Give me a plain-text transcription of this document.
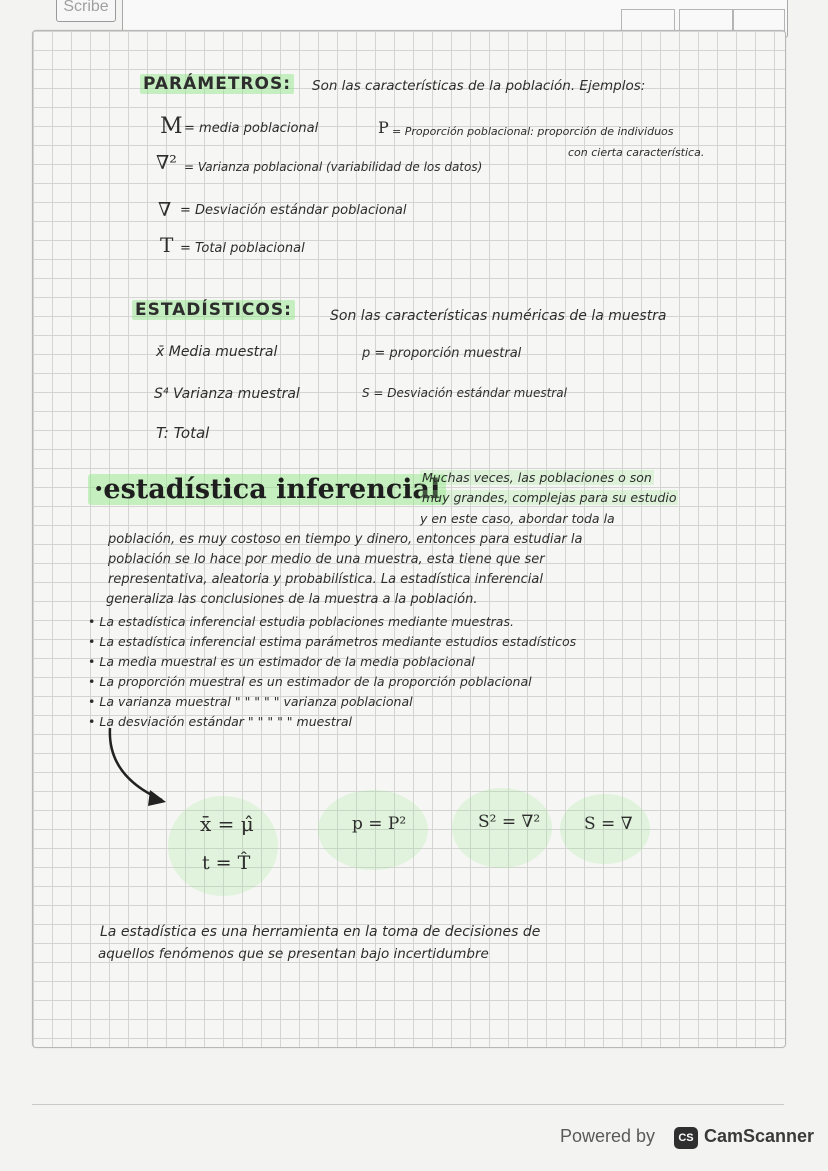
Scribe
PARÁMETROS: Son las características de la población. Ejemplos:
M = media poblacional	P = Proporción poblacional: proporción de individuos
con cierta característica.
∇² = Varianza poblacional (variabilidad de los datos)
∇ = Desviación estándar poblacional
T = Total poblacional
ESTADÍSTICOS:	Son las características numéricas de la muestra
x̄ Media muestral	p = proporción muestral
S⁴ Varianza muestral	S = Desviación estándar muestral
T: Total
·estadística inferencial
Muchas veces, las poblaciones o son
muy grandes, complejas para su estudio
y en este caso, abordar toda la
población, es muy costoso en tiempo y dinero, entonces para estudiar la
población se lo hace por medio de una muestra, esta tiene que ser
representativa, aleatoria y probabilística. La estadística inferencial
generaliza las conclusiones de la muestra a la población.
• La estadística inferencial estudia poblaciones mediante muestras.
• La estadística inferencial estima parámetros mediante estudios estadísticos
• La media muestral es un estimador de la media poblacional
• La proporción muestral es un estimador de la proporción poblacional
• La varianza muestral " " " " " varianza poblacional
• La desviación estándar " " " " " muestral
x̄ = μ̂	p = P²	S² = ∇²	S = ∇
t = T̂
La estadística es una herramienta en la toma de decisiones de
aquellos fenómenos que se presentan bajo incertidumbre
Powered by	CS CamScanner
